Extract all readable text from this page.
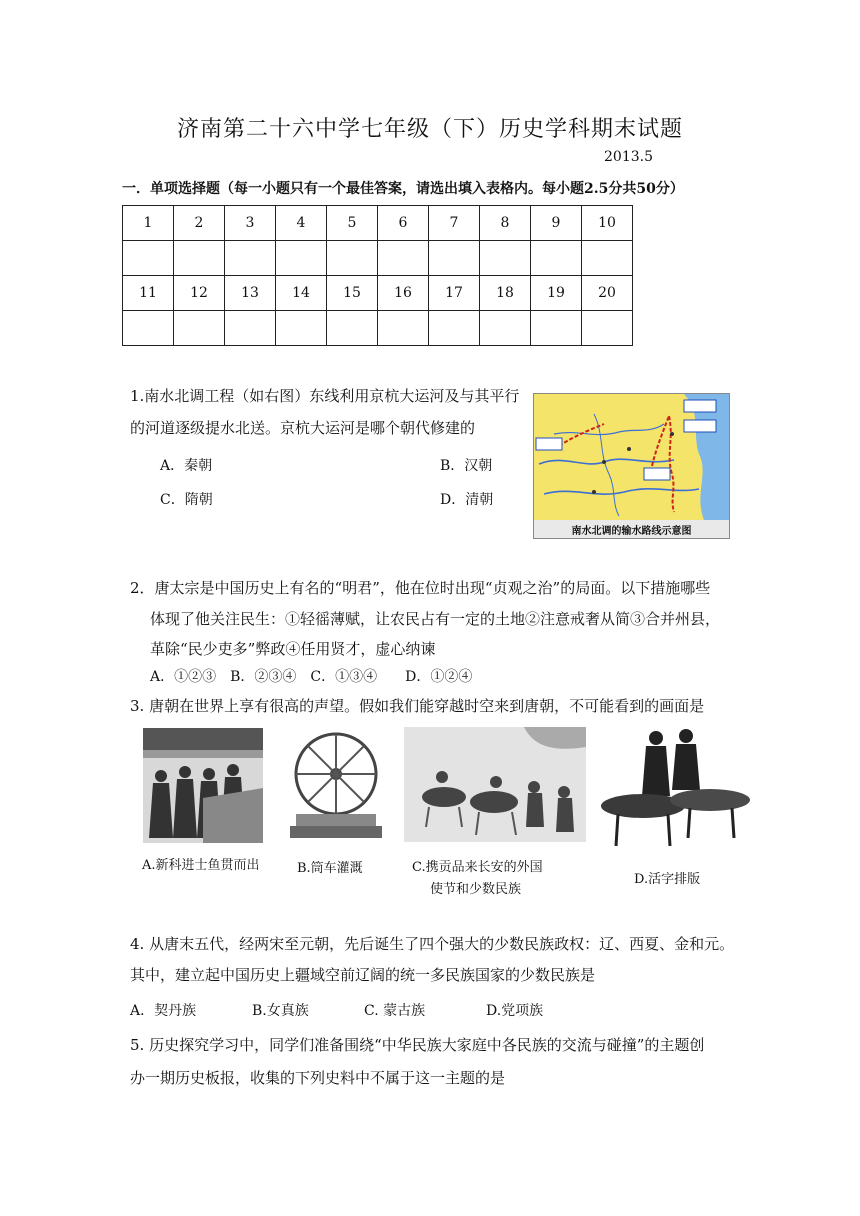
济南第二十六中学七年级（下）历史学科期末试题
2013.5
一．单项选择题（每一小题只有一个最佳答案，请选出填入表格内。每小题2.5分共50分）
1	2	3	4	5	6	7	8	9	10

11	12	13	14	15	16	17	18	19	20

1.南水北调工程（如右图）东线利用京杭大运河及与其平行
的河道逐级提水北送。京杭大运河是哪个朝代修建的
A．秦朝	B．汉朝
C．隋朝	D．清朝
南水北调的输水路线示意图
2．唐太宗是中国历史上有名的“明君”，他在位时出现“贞观之治”的局面。以下措施哪些
体现了他关注民生：①轻徭薄赋，让农民占有一定的土地②注意戒奢从简③合并州县，
革除“民少吏多”弊政④任用贤才，虚心纳谏
A．①②③　B．②③④　C．①③④　　D．①②④
3. 唐朝在世界上享有很高的声望。假如我们能穿越时空来到唐朝，不可能看到的画面是
A.新科进士鱼贯而出	B.筒车灌溉	C.携贡品来长安的外国
使节和少数民族
D.活字排版
4. 从唐末五代，经两宋至元朝，先后诞生了四个强大的少数民族政权：辽、西夏、金和元。
其中，建立起中国历史上疆域空前辽阔的统一多民族国家的少数民族是
A．契丹族	B.女真族	C. 蒙古族	D.党项族
5. 历史探究学习中，同学们准备围绕“中华民族大家庭中各民族的交流与碰撞”的主题创
办一期历史板报，收集的下列史料中不属于这一主题的是
